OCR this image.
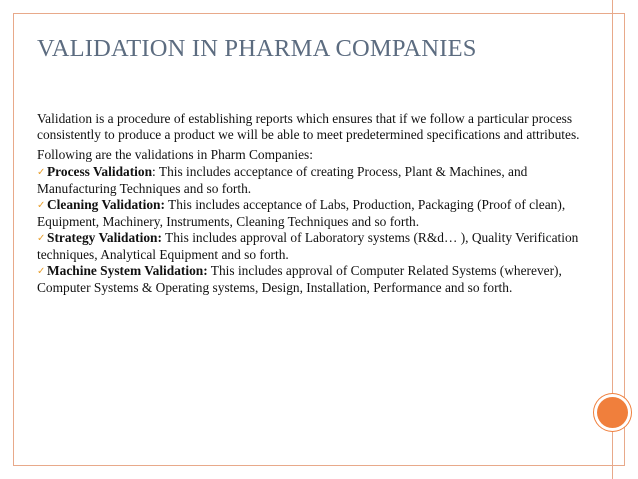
VALIDATION IN PHARMA COMPANIES

Validation is a procedure of establishing reports which ensures that if we follow a particular process consistently to produce a product we will be able to meet predetermined specifications and attributes.

Following are the validations in Pharm Companies:

✓ Process Validation: This includes acceptance of creating Process, Plant & Machines, and Manufacturing Techniques and so forth.

✓ Cleaning Validation: This includes acceptance of Labs, Production, Packaging (Proof of clean), Equipment, Machinery, Instruments, Cleaning Techniques and so forth.

✓ Strategy Validation: This includes approval of Laboratory systems (R&d… ), Quality Verification techniques, Analytical Equipment and so forth.

✓ Machine System Validation: This includes approval of Computer Related Systems (wherever), Computer Systems & Operating systems, Design, Installation, Performance and so forth.
